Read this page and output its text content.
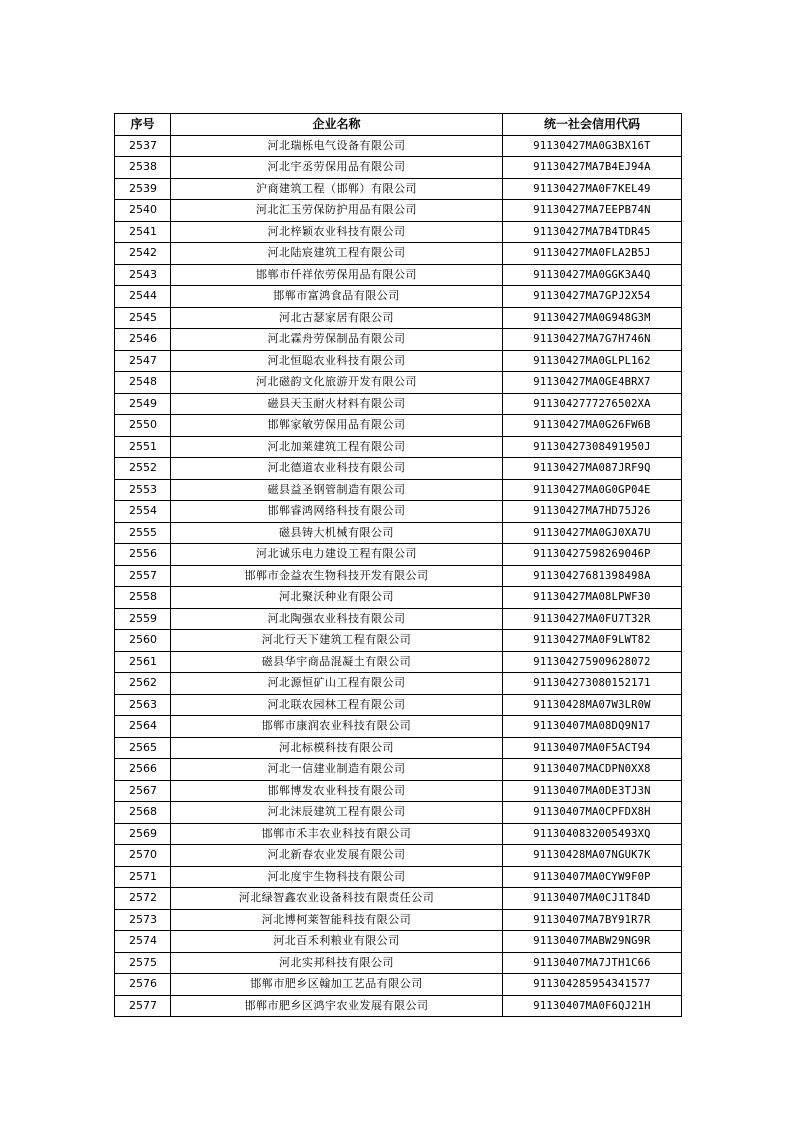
序号	企业名称	统一社会信用代码
2537	河北瑞栎电气设备有限公司	91130427MA0G3BX16T
2538	河北宇丞劳保用品有限公司	91130427MA7B4EJ94A
2539	沪商建筑工程（邯郸）有限公司	91130427MA0F7KEL49
2540	河北汇玉劳保防护用品有限公司	91130427MA7EEPB74N
2541	河北梓颖农业科技有限公司	91130427MA7B4TDR45
2542	河北陆宸建筑工程有限公司	91130427MA0FLA2B5J
2543	邯郸市仟祥依劳保用品有限公司	91130427MA0GGK3A4Q
2544	邯郸市富鸿食品有限公司	91130427MA7GPJ2X54
2545	河北古瑟家居有限公司	91130427MA0G948G3M
2546	河北霖舟劳保制品有限公司	91130427MA7G7H746N
2547	河北恒聪农业科技有限公司	91130427MA0GLPL162
2548	河北磁韵文化旅游开发有限公司	91130427MA0GE4BRX7
2549	磁县天玉耐火材料有限公司	9113042777276502XA
2550	邯郸家敏劳保用品有限公司	91130427MA0G26FW6B
2551	河北加莱建筑工程有限公司	91130427308491950J
2552	河北德道农业科技有限公司	91130427MA087JRF9Q
2553	磁县益圣钢管制造有限公司	91130427MA0G0GP04E
2554	邯郸睿鸿网络科技有限公司	91130427MA7HD75J26
2555	磁县铸大机械有限公司	91130427MA0GJ0XA7U
2556	河北诚乐电力建设工程有限公司	91130427598269046P
2557	邯郸市金益农生物科技开发有限公司	91130427681398498A
2558	河北聚沃种业有限公司	91130427MA08LPWF30
2559	河北陶强农业科技有限公司	91130427MA0FU7T32R
2560	河北行天下建筑工程有限公司	91130427MA0F9LWT82
2561	磁县华宇商品混凝土有限公司	911304275909628072
2562	河北源恒矿山工程有限公司	911304273080152171
2563	河北联农园林工程有限公司	91130428MA07W3LR0W
2564	邯郸市康润农业科技有限公司	91130407MA08DQ9N17
2565	河北标模科技有限公司	91130407MA0F5ACT94
2566	河北一信建业制造有限公司	91130407MACDPN0XX8
2567	邯郸博发农业科技有限公司	91130407MA0DE3TJ3N
2568	河北沫辰建筑工程有限公司	91130407MA0CPFDX8H
2569	邯郸市禾丰农业科技有限公司	9113040832005493XQ
2570	河北新春农业发展有限公司	91130428MA07NGUK7K
2571	河北度宇生物科技有限公司	91130407MA0CYW9F0P
2572	河北绿智鑫农业设备科技有限责任公司	91130407MA0CJ1T84D
2573	河北博柯莱智能科技有限公司	91130407MA7BY91R7R
2574	河北百禾利粮业有限公司	91130407MABW29NG9R
2575	河北实邦科技有限公司	91130407MA7JTH1C66
2576	邯郸市肥乡区翰加工艺品有限公司	911304285954341577
2577	邯郸市肥乡区鸿宇农业发展有限公司	91130407MA0F6QJ21H
